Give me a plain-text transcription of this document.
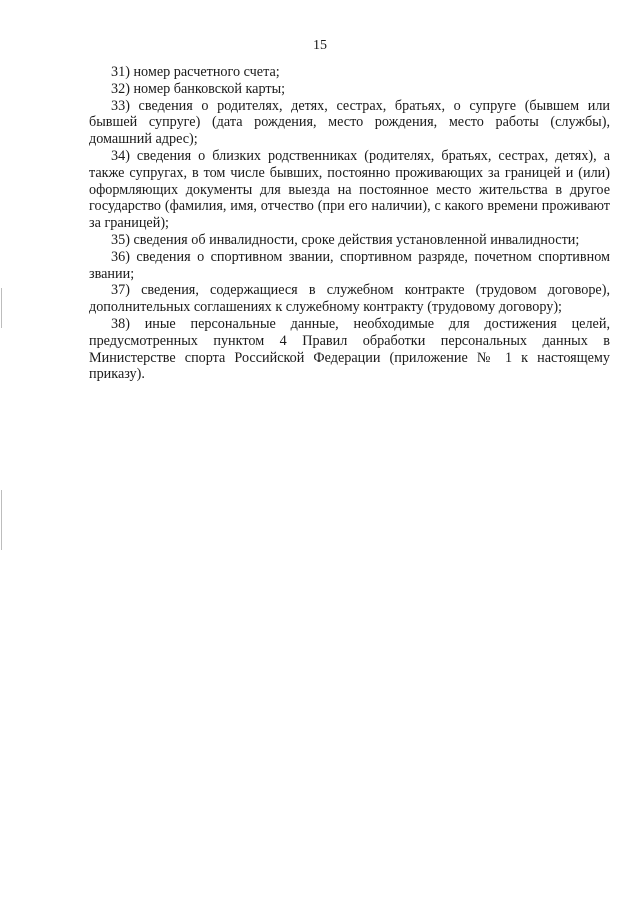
15

31) номер расчетного счета;

32) номер банковской карты;

33) сведения о родителях, детях, сестрах, братьях, о супруге (бывшем или бывшей супруге) (дата рождения, место рождения, место работы (службы), домашний адрес);

34) сведения о близких родственниках (родителях, братьях, сестрах, детях), а также супругах, в том числе бывших, постоянно проживающих за границей и (или) оформляющих документы для выезда на постоянное место жительства в другое государство (фамилия, имя, отчество (при его наличии), с какого времени проживают за границей);

35) сведения об инвалидности, сроке действия установленной инвалидности;

36) сведения о спортивном звании, спортивном разряде, почетном спортивном звании;

37) сведения, содержащиеся в служебном контракте (трудовом договоре), дополнительных соглашениях к служебному контракту (трудовому договору);

38) иные персональные данные, необходимые для достижения целей, предусмотренных пунктом 4 Правил обработки персональных данных в Министерстве спорта Российской Федерации (приложение № 1 к настоящему приказу).
